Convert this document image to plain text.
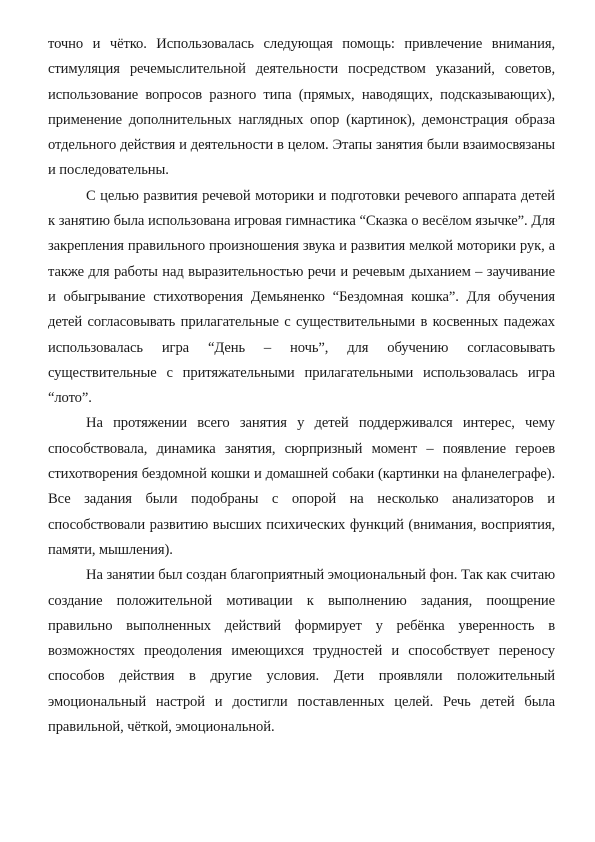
точно и чётко. Использовалась следующая помощь: привлечение внимания, стимуляция речемыслительной деятельности посредством указаний, советов, использование вопросов разного типа (прямых, наводящих, подсказывающих), применение дополнительных наглядных опор (картинок), демонстрация образа отдельного действия и деятельности в целом. Этапы занятия были взаимосвязаны и последовательны.

С целью развития речевой моторики и подготовки речевого аппарата детей к занятию была использована игровая гимнастика “Сказка о весёлом язычке”. Для закрепления правильного произношения звука и развития мелкой моторики рук, а также для работы над выразительностью речи и речевым дыханием – заучивание и обыгрывание стихотворения Демьяненко “Бездомная кошка”. Для обучения детей согласовывать прилагательные с существительными в косвенных падежах использовалась игра “День – ночь”, для обучению согласовывать существительные с притяжательными прилагательными использовалась игра “лото”.

На протяжении всего занятия у детей поддерживался интерес, чему способствовала, динамика занятия, сюрпризный момент – появление героев стихотворения бездомной кошки и домашней собаки (картинки на фланелеграфе). Все задания были подобраны с опорой на несколько анализаторов и способствовали развитию высших психических функций (внимания, восприятия, памяти, мышления).

На занятии был создан благоприятный эмоциональный фон. Так как считаю создание положительной мотивации к выполнению задания, поощрение правильно выполненных действий формирует у ребёнка уверенность в возможностях преодоления имеющихся трудностей и способствует переносу способов действия в другие условия. Дети проявляли положительный эмоциональный настрой и достигли поставленных целей. Речь детей была правильной, чёткой, эмоциональной.
